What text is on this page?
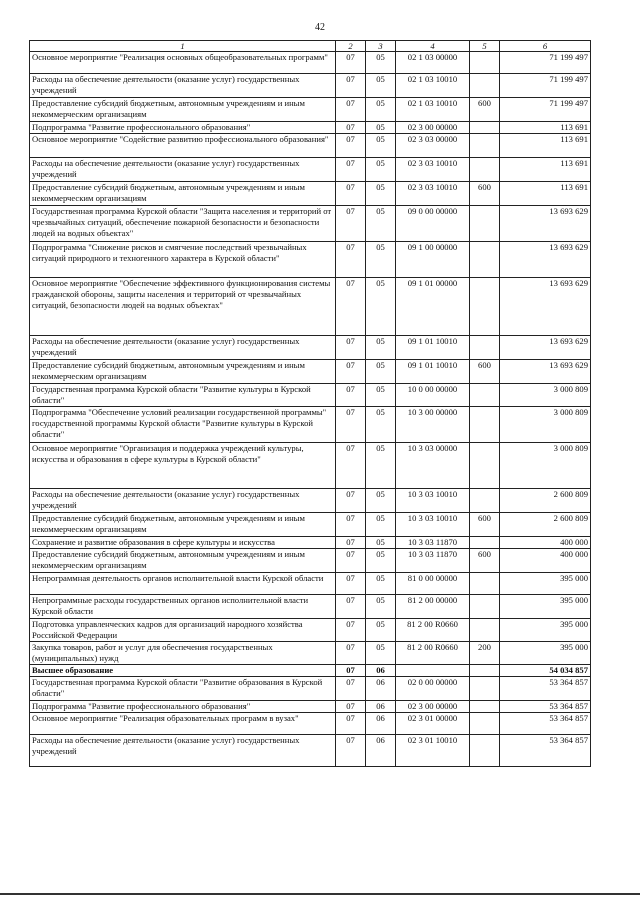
42
1	2	3	4	5	6
Основное мероприятие "Реализация основных общеобразовательных программ"	07	05	02 1 03 00000		71 199 497
Расходы на обеспечение деятельности (оказание услуг) государственных учреждений	07	05	02 1 03 10010		71 199 497
Предоставление субсидий бюджетным, автономным учреждениям и иным некоммерческим организациям	07	05	02 1 03 10010	600	71 199 497
Подпрограмма "Развитие профессионального образования"	07	05	02 3 00 00000		113 691
Основное мероприятие "Содействие развитию профессионального образования"	07	05	02 3 03 00000		113 691
Расходы на обеспечение деятельности (оказание услуг) государственных учреждений	07	05	02 3 03 10010		113 691
Предоставление субсидий бюджетным, автономным учреждениям и иным некоммерческим организациям	07	05	02 3 03 10010	600	113 691
Государственная программа Курской области "Защита населения и территорий от чрезвычайных ситуаций, обеспечение пожарной безопасности и безопасности людей на водных объектах"	07	05	09 0 00 00000		13 693 629
Подпрограмма "Снижение рисков и смягчение последствий чрезвычайных ситуаций природного и техногенного характера в Курской области"	07	05	09 1 00 00000		13 693 629
Основное мероприятие "Обеспечение эффективного функционирования системы гражданской обороны, защиты населения и территорий от чрезвычайных ситуаций, безопасности людей на водных объектах"	07	05	09 1 01 00000		13 693 629
Расходы на обеспечение деятельности (оказание услуг) государственных учреждений	07	05	09 1 01 10010		13 693 629
Предоставление субсидий бюджетным, автономным учреждениям и иным некоммерческим организациям	07	05	09 1 01 10010	600	13 693 629
Государственная программа Курской области "Развитие культуры в Курской области"	07	05	10 0 00 00000		3 000 809
Подпрограмма "Обеспечение условий реализации государственной программы" государственной программы Курской области "Развитие культуры в Курской области"	07	05	10 3 00 00000		3 000 809
Основное мероприятие "Организация и поддержка учреждений культуры, искусства и образования в сфере культуры в Курской области"	07	05	10 3 03 00000		3 000 809
Расходы на обеспечение деятельности (оказание услуг) государственных учреждений	07	05	10 3 03 10010		2 600 809
Предоставление субсидий бюджетным, автономным учреждениям и иным некоммерческим организациям	07	05	10 3 03 10010	600	2 600 809
Сохранение и развитие образования в сфере культуры и искусства	07	05	10 3 03 11870		400 000
Предоставление субсидий бюджетным, автономным учреждениям и иным некоммерческим организациям	07	05	10 3 03 11870	600	400 000
Непрограммная деятельность органов исполнительной власти Курской области	07	05	81 0 00 00000		395 000
Непрограммные расходы государственных органов исполнительной власти Курской области	07	05	81 2 00 00000		395 000
Подготовка управленческих кадров для организаций народного хозяйства Российской Федерации	07	05	81 2 00 R0660		395 000
Закупка товаров, работ и услуг для обеспечения государственных (муниципальных) нужд	07	05	81 2 00 R0660	200	395 000
Высшее образование	07	06			54 034 857
Государственная программа Курской области "Развитие образования в Курской области"	07	06	02 0 00 00000		53 364 857
Подпрограмма "Развитие профессионального образования"	07	06	02 3 00 00000		53 364 857
Основное мероприятие "Реализация образовательных программ в вузах"	07	06	02 3 01 00000		53 364 857
Расходы на обеспечение деятельности (оказание услуг) государственных учреждений	07	06	02 3 01 10010		53 364 857
